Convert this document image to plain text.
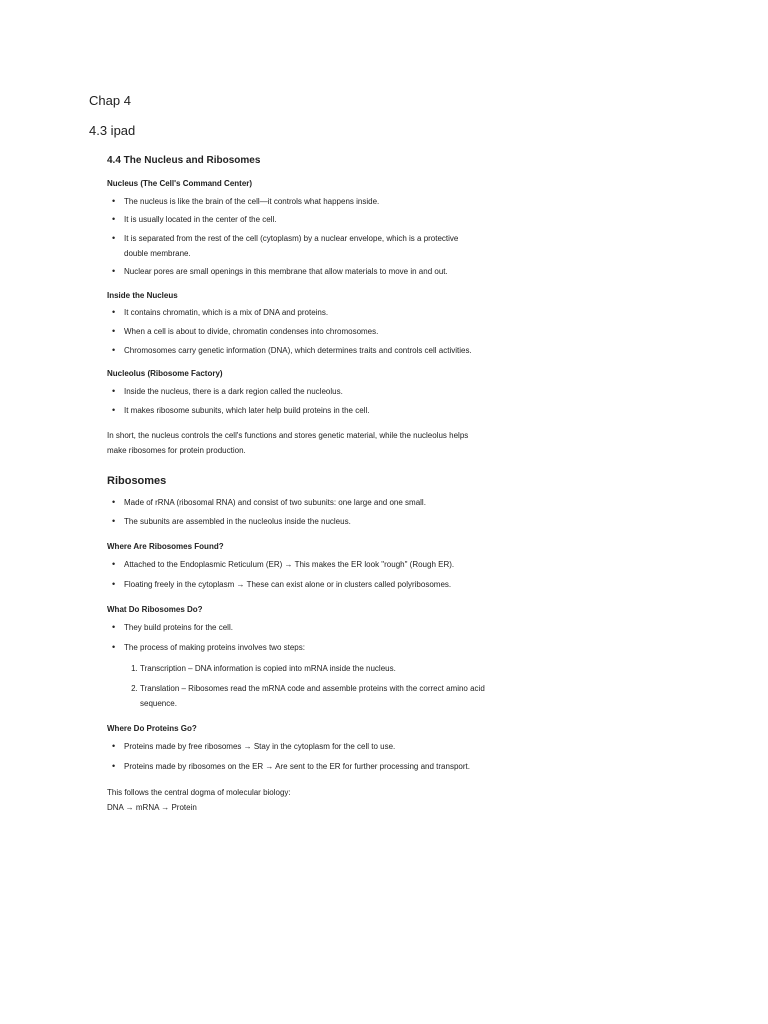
Chap 4
4.3 ipad
4.4 The Nucleus and Ribosomes
Nucleus (The Cell's Command Center)
• The nucleus is like the brain of the cell—it controls what happens inside.
• It is usually located in the center of the cell.
• It is separated from the rest of the cell (cytoplasm) by a nuclear envelope, which is a protective double membrane.
• Nuclear pores are small openings in this membrane that allow materials to move in and out.
Inside the Nucleus
• It contains chromatin, which is a mix of DNA and proteins.
• When a cell is about to divide, chromatin condenses into chromosomes.
• Chromosomes carry genetic information (DNA), which determines traits and controls cell activities.
Nucleolus (Ribosome Factory)
• Inside the nucleus, there is a dark region called the nucleolus.
• It makes ribosome subunits, which later help build proteins in the cell.

In short, the nucleus controls the cell's functions and stores genetic material, while the nucleolus helps make ribosomes for protein production.

Ribosomes
• Made of rRNA (ribosomal RNA) and consist of two subunits: one large and one small.
• The subunits are assembled in the nucleolus inside the nucleus.
Where Are Ribosomes Found?
• Attached to the Endoplasmic Reticulum (ER) → This makes the ER look "rough" (Rough ER).
• Floating freely in the cytoplasm → These can exist alone or in clusters called polyribosomes.
What Do Ribosomes Do?
• They build proteins for the cell.
• The process of making proteins involves two steps:
1. Transcription – DNA information is copied into mRNA inside the nucleus.
2. Translation – Ribosomes read the mRNA code and assemble proteins with the correct amino acid sequence.
Where Do Proteins Go?
• Proteins made by free ribosomes → Stay in the cytoplasm for the cell to use.
• Proteins made by ribosomes on the ER → Are sent to the ER for further processing and transport.

This follows the central dogma of molecular biology:

DNA → mRNA → Protein
